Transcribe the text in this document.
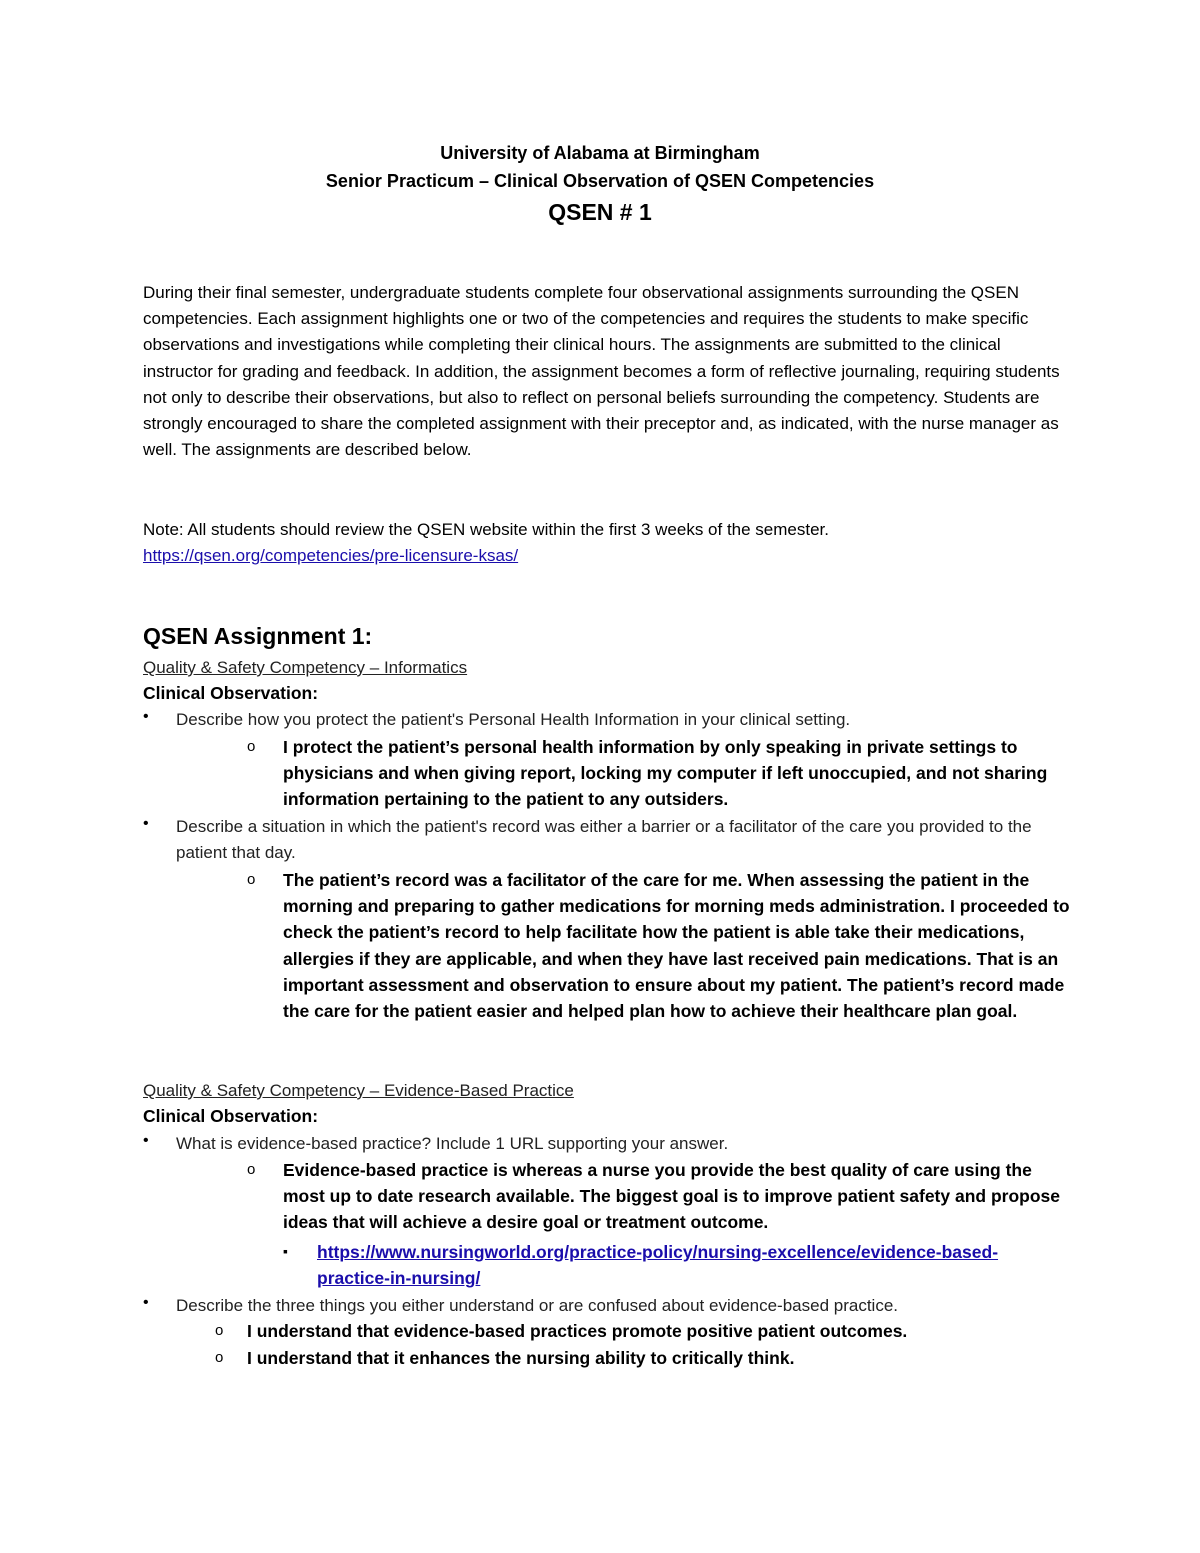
University of Alabama at Birmingham
Senior Practicum – Clinical Observation of QSEN Competencies
QSEN # 1
During their final semester, undergraduate students complete four observational assignments surrounding the QSEN competencies. Each assignment highlights one or two of the competencies and requires the students to make specific observations and investigations while completing their clinical hours. The assignments are submitted to the clinical instructor for grading and feedback. In addition, the assignment becomes a form of reflective journaling, requiring students not only to describe their observations, but also to reflect on personal beliefs surrounding the competency. Students are strongly encouraged to share the completed assignment with their preceptor and, as indicated, with the nurse manager as well. The assignments are described below.
Note: All students should review the QSEN website within the first 3 weeks of the semester.
https://qsen.org/competencies/pre-licensure-ksas/
QSEN Assignment 1:
Quality & Safety Competency – Informatics
Clinical Observation:
• Describe how you protect the patient's Personal Health Information in your clinical setting.
o I protect the patient’s personal health information by only speaking in private settings to physicians and when giving report, locking my computer if left unoccupied, and not sharing information pertaining to the patient to any outsiders.
• Describe a situation in which the patient's record was either a barrier or a facilitator of the care you provided to the patient that day.
o The patient’s record was a facilitator of the care for me. When assessing the patient in the morning and preparing to gather medications for morning meds administration. I proceeded to check the patient’s record to help facilitate how the patient is able take their medications, allergies if they are applicable, and when they have last received pain medications. That is an important assessment and observation to ensure about my patient. The patient’s record made the care for the patient easier and helped plan how to achieve their healthcare plan goal.
Quality & Safety Competency – Evidence-Based Practice
Clinical Observation:
• What is evidence-based practice? Include 1 URL supporting your answer.
o Evidence-based practice is whereas a nurse you provide the best quality of care using the most up to date research available. The biggest goal is to improve patient safety and propose ideas that will achieve a desire goal or treatment outcome.
▪ https://www.nursingworld.org/practice-policy/nursing-excellence/evidence-based-practice-in-nursing/
• Describe the three things you either understand or are confused about evidence-based practice.
o I understand that evidence-based practices promote positive patient outcomes.
o I understand that it enhances the nursing ability to critically think.
